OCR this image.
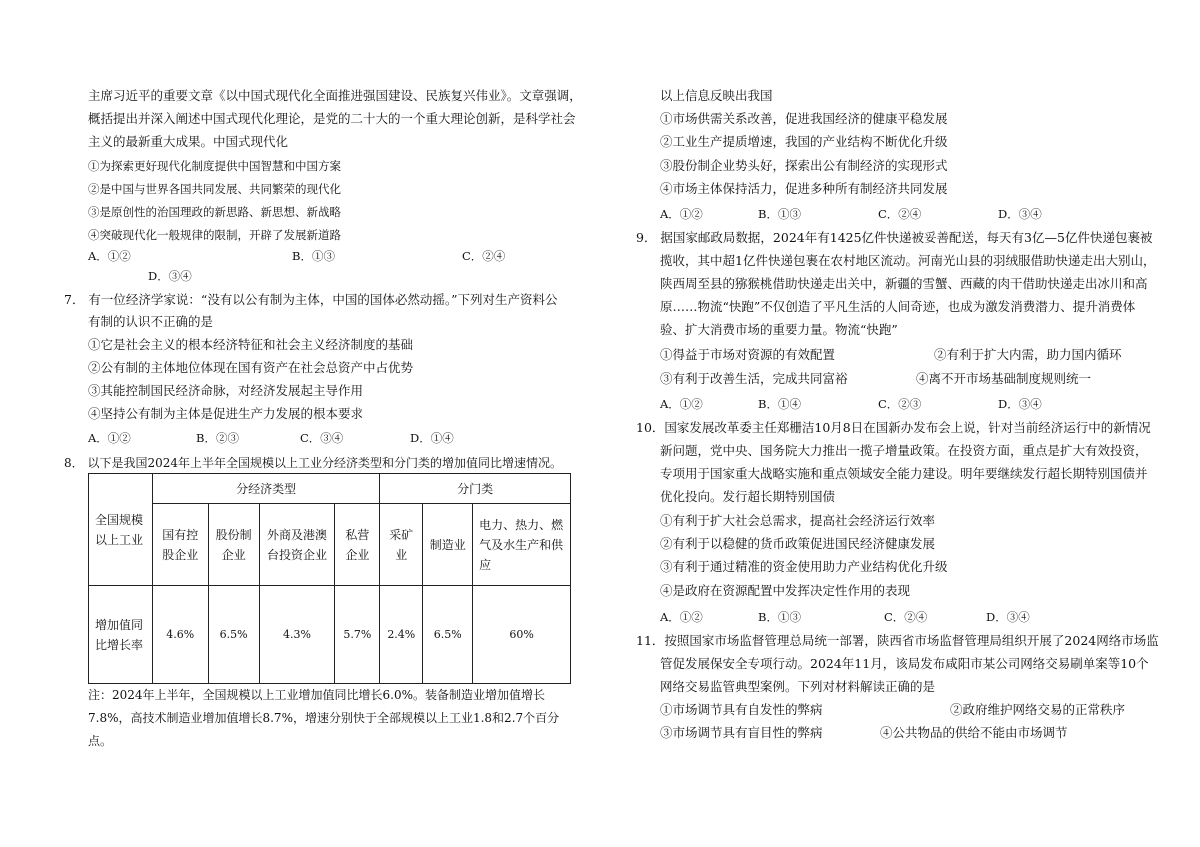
主席习近平的重要文章《以中国式现代化全面推进强国建设、民族复兴伟业》。文章强调，
概括提出并深入阐述中国式现代化理论，是党的二十大的一个重大理论创新，是科学社会
主义的最新重大成果。中国式现代化
①为探索更好现代化制度提供中国智慧和中国方案
②是中国与世界各国共同发展、共同繁荣的现代化
③是原创性的治国理政的新思路、新思想、新战略
④突破现代化一般规律的限制，开辟了发展新道路
A．①②	B．①③	C．②④
D．③④
7． 有一位经济学家说：“没有以公有制为主体，中国的国体必然动摇。”下列对生产资料公
有制的认识不正确的是
①它是社会主义的根本经济特征和社会主义经济制度的基础
②公有制的主体地位体现在国有资产在社会总资产中占优势
③其能控制国民经济命脉，对经济发展起主导作用
④坚持公有制为主体是促进生产力发展的根本要求
A．①②	B．②③	C．③④	D．①④
8． 以下是我国2024年上半年全国规模以上工业分经济类型和分门类的增加值同比增速情况。
全国规模以上工业	分经济类型				分门类		
	国有控股企业	股份制企业	外商及港澳台投资企业	私营企业	采矿业	制造业	电力、热力、燃气及水生产和供应
增加值同比增长率	4.6%	6.5%	4.3%	5.7%	2.4%	6.5%	60%
注：2024年上半年，全国规模以上工业增加值同比增长6.0%。装备制造业增加值增长
7.8%，高技术制造业增加值增长8.7%，增速分别快于全部规模以上工业1.8和2.7个百分
点。
以上信息反映出我国
①市场供需关系改善，促进我国经济的健康平稳发展
②工业生产提质增速，我国的产业结构不断优化升级
③股份制企业势头好，探索出公有制经济的实现形式
④市场主体保持活力，促进多种所有制经济共同发展
A．①②	B．①③	C．②④	D．③④
9． 据国家邮政局数据，2024年有1425亿件快递被妥善配送，每天有3亿—5亿件快递包裹被
揽收，其中超1亿件快递包裹在农村地区流动。河南光山县的羽绒服借助快递走出大别山，
陕西周至县的猕猴桃借助快递走出关中，新疆的雪蟹、西藏的肉干借助快递走出冰川和高
原……物流“快跑”不仅创造了平凡生活的人间奇迹，也成为激发消费潜力、提升消费体
验、扩大消费市场的重要力量。物流“快跑”
①得益于市场对资源的有效配置	②有利于扩大内需，助力国内循环
③有利于改善生活，完成共同富裕	④离不开市场基础制度规则统一
A．①②	B．①④	C．②③	D．③④
10．国家发展改革委主任郑栅洁10月8日在国新办发布会上说，针对当前经济运行中的新情况
新问题，党中央、国务院大力推出一揽子增量政策。在投资方面，重点是扩大有效投资，
专项用于国家重大战略实施和重点领域安全能力建设。明年要继续发行超长期特别国债并
优化投向。发行超长期特别国债
①有利于扩大社会总需求，提高社会经济运行效率
②有利于以稳健的货币政策促进国民经济健康发展
③有利于通过精准的资金使用助力产业结构优化升级
④是政府在资源配置中发挥决定性作用的表现
A．①②	B．①③	C．②④	D．③④
11．按照国家市场监督管理总局统一部署，陕西省市场监督管理局组织开展了2024网络市场监
管促发展保安全专项行动。2024年11月，该局发布咸阳市某公司网络交易刷单案等10个
网络交易监管典型案例。下列对材料解读正确的是
①市场调节具有自发性的弊病	②政府维护网络交易的正常秩序
③市场调节具有盲目性的弊病	④公共物品的供给不能由市场调节
